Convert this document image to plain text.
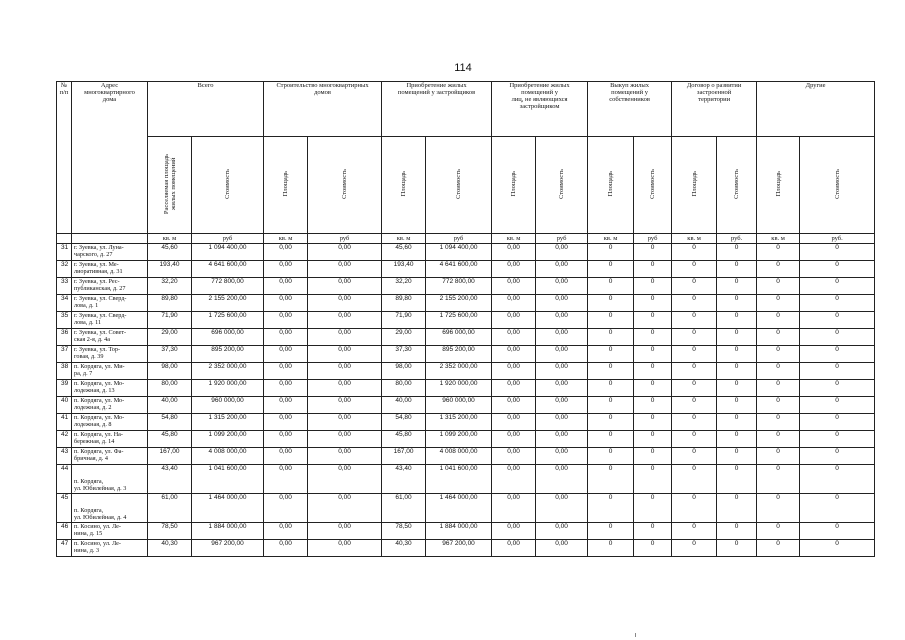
114
№
п/п	Адрес
многоквартирного
дома	Всего		Строительство многоквартирных
домов		Приобретение жилых
помещений у застройщиков		Приобретение жилых
помещений у
лиц, не являющихся
застройщиком		Выкуп жилых
помещений у
собственников		Договор о развитии
застроенной
территории		Другие	
		Расселяемая площадь
жилых помещений	Стоимость	Площадь	Стоимость	Площадь	Стоимость	Площадь	Стоимость	Площадь	Стоимость	Площадь	Стоимость	Площадь	Стоимость
		кв. м	руб	кв. м	руб	кв. м	руб	кв. м	руб	кв. м	руб	кв. м	руб.	кв. м	руб.
31	г. Зуевка, ул. Луна-
чарского, д. 27	45,60	1 094 400,00	0,00	0,00	45,60	1 094 400,00	0,00	0,00	0	0	0	0	0	0
32	г. Зуевка, ул. Ме-
лиоративная, д. 31	193,40	4 641 600,00	0,00	0,00	193,40	4 641 600,00	0,00	0,00	0	0	0	0	0	0
33	г. Зуевка, ул. Рес-
публиканская, д. 27	32,20	772 800,00	0,00	0,00	32,20	772 800,00	0,00	0,00	0	0	0	0	0	0
34	г. Зуевка, ул. Сверд-
лова, д. 1	89,80	2 155 200,00	0,00	0,00	89,80	2 155 200,00	0,00	0,00	0	0	0	0	0	0
35	г. Зуевка, ул. Сверд-
лова, д. 11	71,90	1 725 600,00	0,00	0,00	71,90	1 725 600,00	0,00	0,00	0	0	0	0	0	0
36	г. Зуевка, ул. Совет-
ская 2-я, д. 4а	29,00	696 000,00	0,00	0,00	29,00	696 000,00	0,00	0,00	0	0	0	0	0	0
37	г. Зуевка, ул. Тор-
говая, д. 39	37,30	895 200,00	0,00	0,00	37,30	895 200,00	0,00	0,00	0	0	0	0	0	0
38	п. Кордяга, ул. Ми-
ра, д. 7	98,00	2 352 000,00	0,00	0,00	98,00	2 352 000,00	0,00	0,00	0	0	0	0	0	0
39	п. Кордяга, ул. Мо-
лодежная, д. 13	80,00	1 920 000,00	0,00	0,00	80,00	1 920 000,00	0,00	0,00	0	0	0	0	0	0
40	п. Кордяга, ул. Мо-
лодежная, д. 2	40,00	960 000,00	0,00	0,00	40,00	960 000,00	0,00	0,00	0	0	0	0	0	0
41	п. Кордяга, ул. Мо-
лодежная, д. 8	54,80	1 315 200,00	0,00	0,00	54,80	1 315 200,00	0,00	0,00	0	0	0	0	0	0
42	п. Кордяга, ул. На-
бережная, д. 14	45,80	1 099 200,00	0,00	0,00	45,80	1 099 200,00	0,00	0,00	0	0	0	0	0	0
43	п. Кордяга, ул. Фа-
бричная, д. 4	167,00	4 008 000,00	0,00	0,00	167,00	4 008 000,00	0,00	0,00	0	0	0	0	0	0
44	п. Кордяга,
ул. Юбилейная, д. 3	43,40	1 041 600,00	0,00	0,00	43,40	1 041 600,00	0,00	0,00	0	0	0	0	0	0
45	п. Кордяга,
ул. Юбилейная, д. 4	61,00	1 464 000,00	0,00	0,00	61,00	1 464 000,00	0,00	0,00	0	0	0	0	0	0
46	п. Косино, ул. Ле-
нина, д. 15	78,50	1 884 000,00	0,00	0,00	78,50	1 884 000,00	0,00	0,00	0	0	0	0	0	0
47	п. Косино, ул. Ле-
нина, д. 3	40,30	967 200,00	0,00	0,00	40,30	967 200,00	0,00	0,00	0	0	0	0	0	0
